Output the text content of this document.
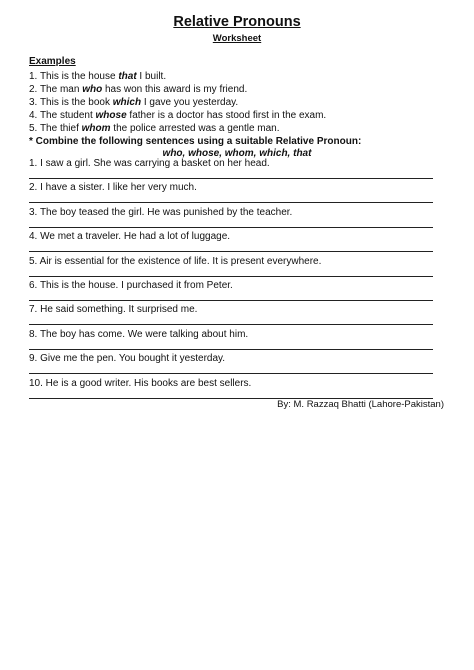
Relative Pronouns
Worksheet
Examples
1. This is the house that I built.
2. The man who has won this award is my friend.
3. This is the book which I gave you yesterday.
4. The student whose father is a doctor has stood first in the exam.
5. The thief whom the police arrested was a gentle man.
* Combine the following sentences using a suitable Relative Pronoun:
who, whose, whom, which, that
1. I saw a girl. She was carrying a basket on her head.
2. I have a sister. I like her very much.
3. The boy teased the girl. He was punished by the teacher.
4. We met a traveler. He had a lot of luggage.
5. Air is essential for the existence of life. It is present everywhere.
6. This is the house. I purchased it from Peter.
7. He said something. It surprised me.
8. The boy has come. We were talking about him.
9. Give me the pen. You bought it yesterday.
10. He is a good writer. His books are best sellers.
By: M. Razzaq Bhatti (Lahore-Pakistan)
